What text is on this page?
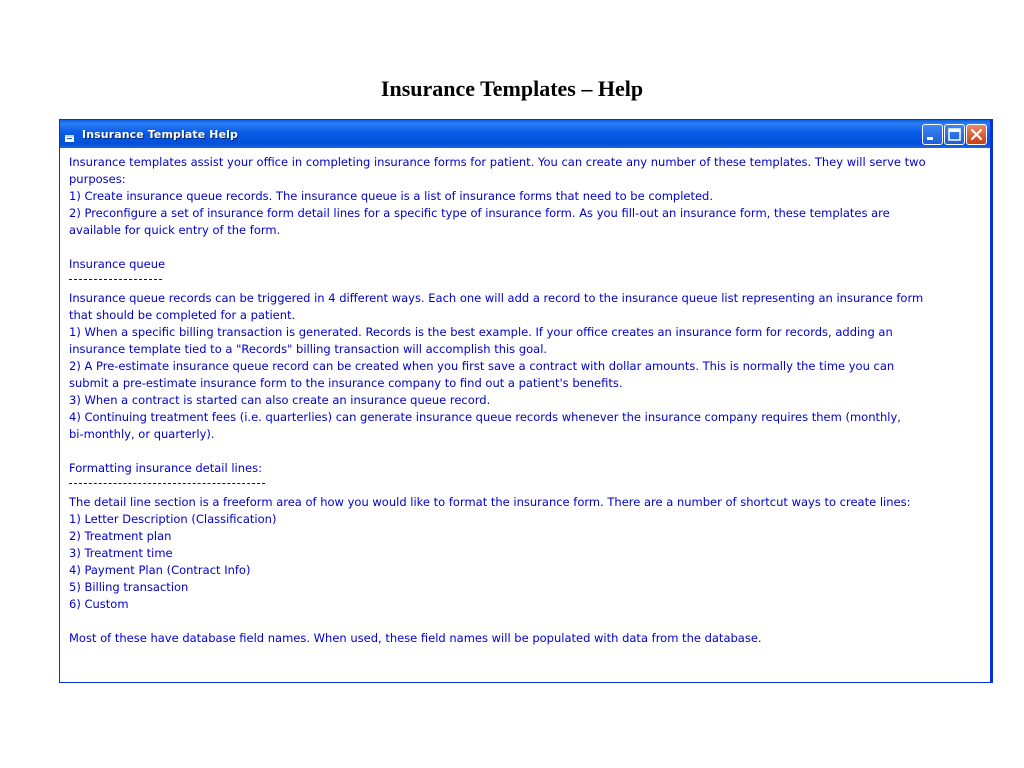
Insurance Templates – Help
Insurance Template Help
Insurance templates assist your office in completing insurance forms for patient. You can create any number of these templates. They will serve two
purposes:
1) Create insurance queue records. The insurance queue is a list of insurance forms that need to be completed.
2) Preconfigure a set of insurance form detail lines for a specific type of insurance form. As you fill-out an insurance form, these templates are
available for quick entry of the form.
Insurance queue
Insurance queue records can be triggered in 4 different ways. Each one will add a record to the insurance queue list representing an insurance form
that should be completed for a patient.
1) When a specific billing transaction is generated. Records is the best example. If your office creates an insurance form for records, adding an
insurance template tied to a "Records" billing transaction will accomplish this goal.
2) A Pre-estimate insurance queue record can be created when you first save a contract with dollar amounts. This is normally the time you can
submit a pre-estimate insurance form to the insurance company to find out a patient's benefits.
3) When a contract is started can also create an insurance queue record.
4) Continuing treatment fees (i.e. quarterlies) can generate insurance queue records whenever the insurance company requires them (monthly,
bi-monthly, or quarterly).
Formatting insurance detail lines:
The detail line section is a freeform area of how you would like to format the insurance form. There are a number of shortcut ways to create lines:
1) Letter Description (Classification)
2) Treatment plan
3) Treatment time
4) Payment Plan (Contract Info)
5) Billing transaction
6) Custom
Most of these have database field names. When used, these field names will be populated with data from the database.
